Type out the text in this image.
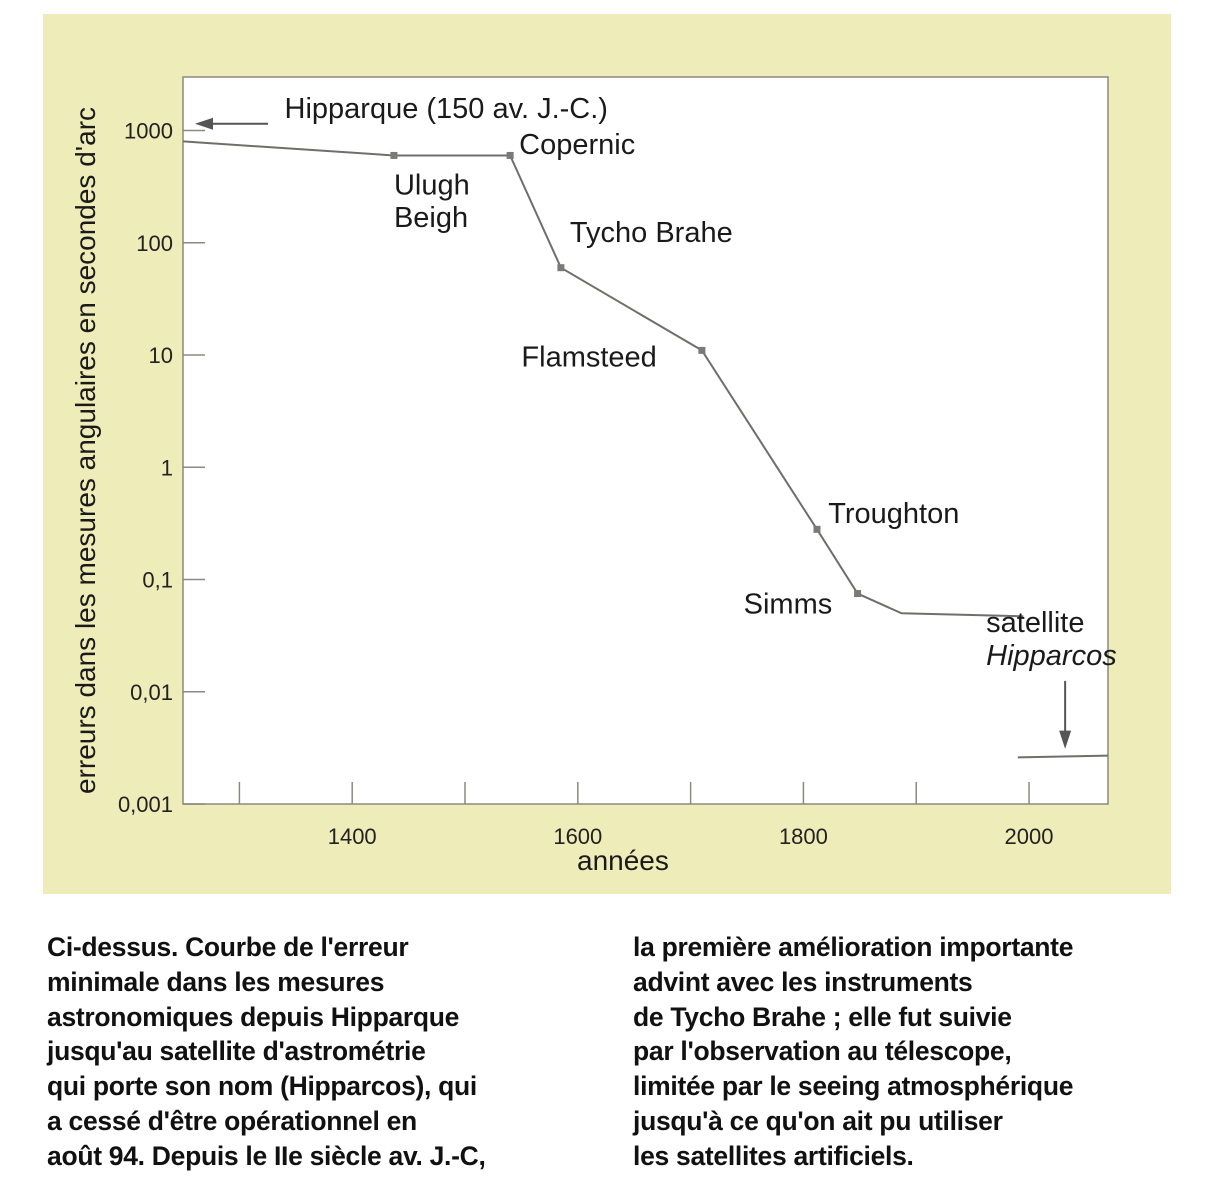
1000
100
10
1
0,1
0,01
0,001
1400	1600	1800	2000
Hipparque (150 av. J.-C.)
Ulugh
Beigh
Copernic
Tycho Brahe
Flamsteed
Troughton
Simms
satellite
Hipparcos
erreurs dans les mesures angulaires en secondes d'arc
années
Ci-dessus. Courbe de l'erreur
minimale dans les mesures
astronomiques depuis Hipparque
jusqu'au satellite d'astrométrie
qui porte son nom (Hipparcos), qui
a cessé d'être opérationnel en
août 94. Depuis le IIe siècle av. J.-C,
la première amélioration importante
advint avec les instruments
de Tycho Brahe ; elle fut suivie
par l'observation au télescope,
limitée par le seeing atmosphérique
jusqu'à ce qu'on ait pu utiliser
les satellites artificiels.
